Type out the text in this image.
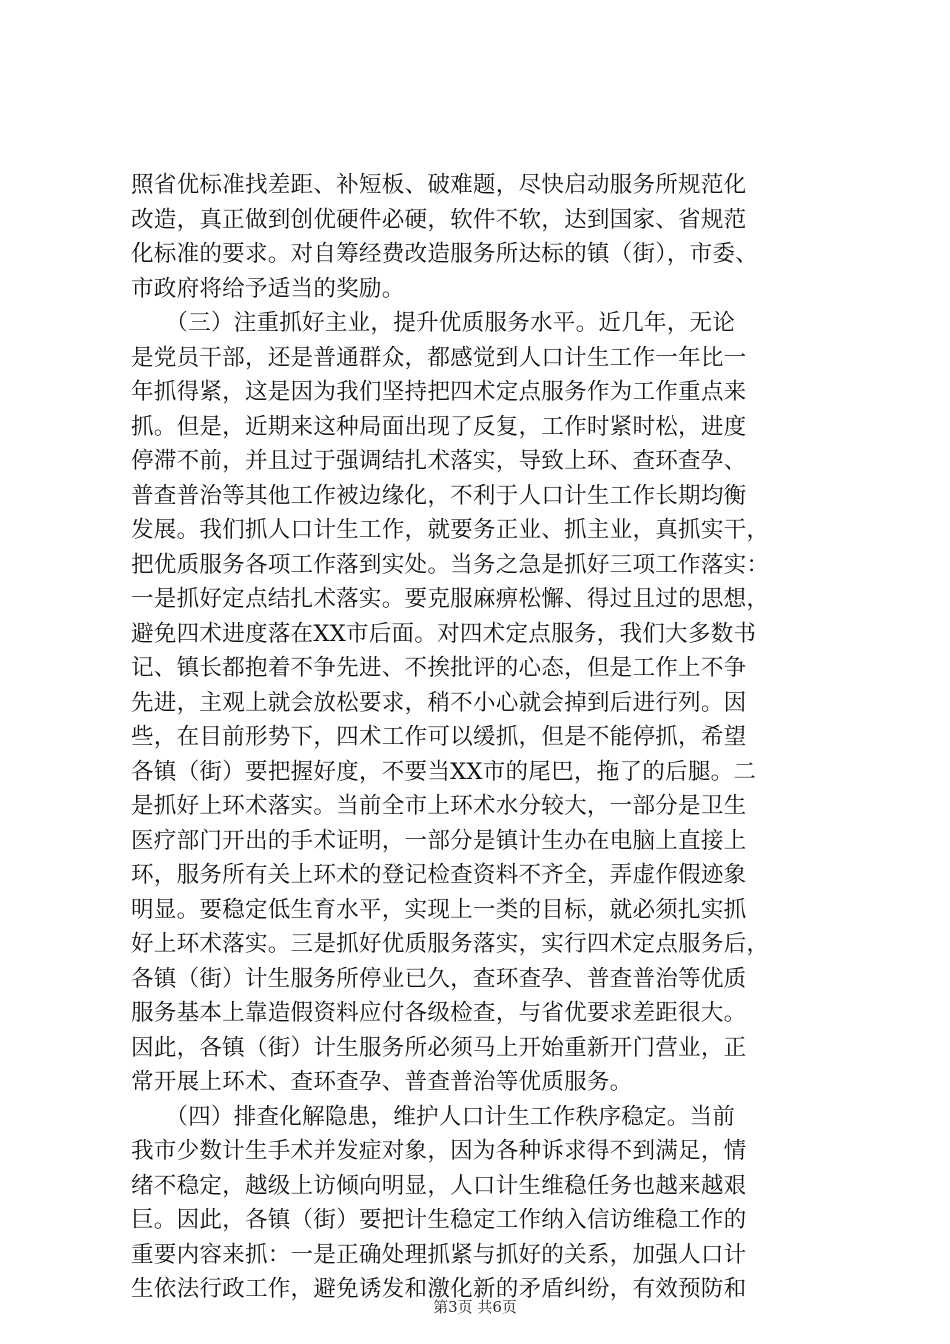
照省优标准找差距、补短板、破难题，尽快启动服务所规范化
改造，真正做到创优硬件必硬，软件不软，达到国家、省规范
化标准的要求。对自筹经费改造服务所达标的镇（街），市委、
市政府将给予适当的奖励。
　　（三）注重抓好主业，提升优质服务水平。近几年，无论
是党员干部，还是普通群众，都感觉到人口计生工作一年比一
年抓得紧，这是因为我们坚持把四术定点服务作为工作重点来
抓。但是，近期来这种局面出现了反复，工作时紧时松，进度
停滞不前，并且过于强调结扎术落实，导致上环、查环查孕、
普查普治等其他工作被边缘化，不利于人口计生工作长期均衡
发展。我们抓人口计生工作，就要务正业、抓主业，真抓实干，
把优质服务各项工作落到实处。当务之急是抓好三项工作落实：
一是抓好定点结扎术落实。要克服麻痹松懈、得过且过的思想，
避免四术进度落在XX市后面。对四术定点服务，我们大多数书
记、镇长都抱着不争先进、不挨批评的心态，但是工作上不争
先进，主观上就会放松要求，稍不小心就会掉到后进行列。因
些，在目前形势下，四术工作可以缓抓，但是不能停抓，希望
各镇（街）要把握好度，不要当XX市的尾巴，拖了的后腿。二
是抓好上环术落实。当前全市上环术水分较大，一部分是卫生
医疗部门开出的手术证明，一部分是镇计生办在电脑上直接上
环，服务所有关上环术的登记检查资料不齐全，弄虚作假迹象
明显。要稳定低生育水平，实现上一类的目标，就必须扎实抓
好上环术落实。三是抓好优质服务落实，实行四术定点服务后，
各镇（街）计生服务所停业已久，查环查孕、普查普治等优质
服务基本上靠造假资料应付各级检查，与省优要求差距很大。
因此，各镇（街）计生服务所必须马上开始重新开门营业，正
常开展上环术、查环查孕、普查普治等优质服务。
　　（四）排查化解隐患，维护人口计生工作秩序稳定。当前
我市少数计生手术并发症对象，因为各种诉求得不到满足，情
绪不稳定，越级上访倾向明显，人口计生维稳任务也越来越艰
巨。因此，各镇（街）要把计生稳定工作纳入信访维稳工作的
重要内容来抓：一是正确处理抓紧与抓好的关系，加强人口计
生依法行政工作，避免诱发和激化新的矛盾纠纷，有效预防和
第3页 共6页
